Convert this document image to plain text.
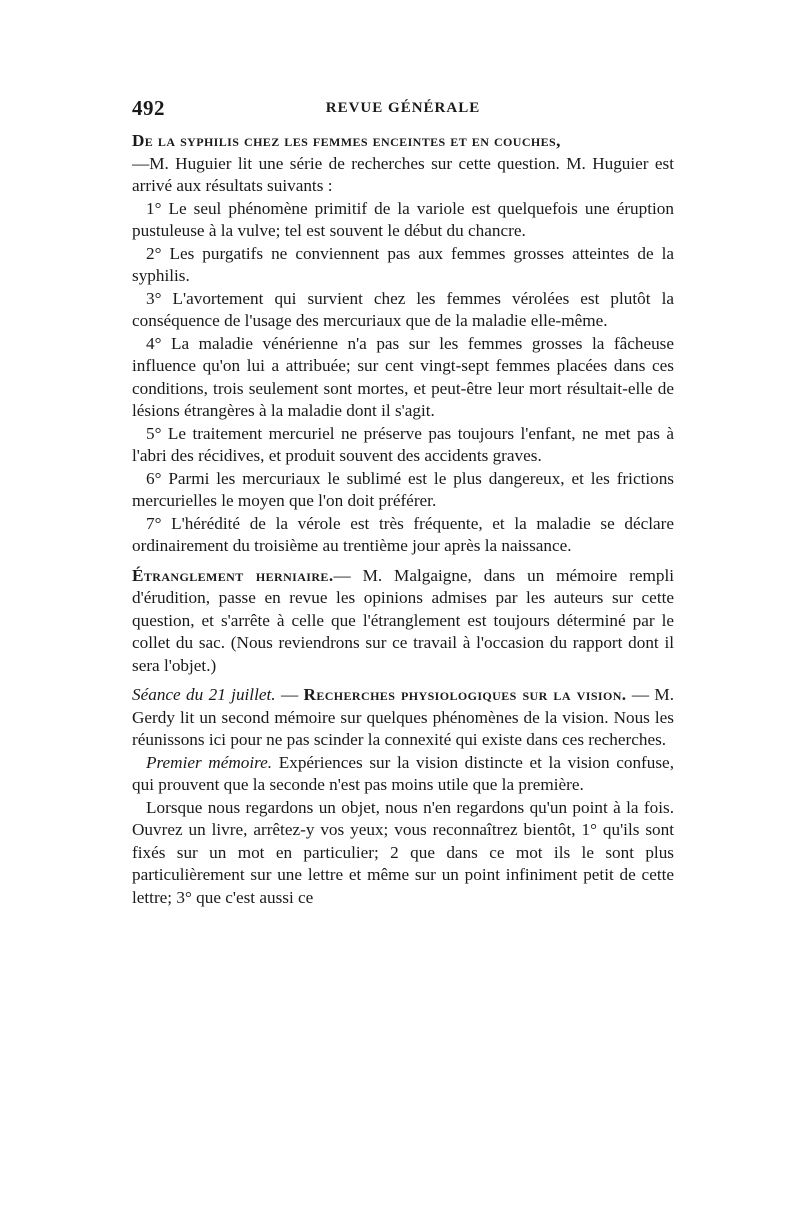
492	REVUE GÉNÉRALE

De la syphilis chez les femmes enceintes et en couches,
—M. Huguier lit une série de recherches sur cette question. M. Huguier est arrivé aux résultats suivants :

1° Le seul phénomène primitif de la variole est quelquefois une éruption pustuleuse à la vulve; tel est souvent le début du chancre.

2° Les purgatifs ne conviennent pas aux femmes grosses atteintes de la syphilis.

3° L'avortement qui survient chez les femmes vérolées est plutôt la conséquence de l'usage des mercuriaux que de la maladie elle-même.

4° La maladie vénérienne n'a pas sur les femmes grosses la fâcheuse influence qu'on lui a attribuée; sur cent vingt-sept femmes placées dans ces conditions, trois seulement sont mortes, et peut-être leur mort résultait-elle de lésions étrangères à la maladie dont il s'agit.

5° Le traitement mercuriel ne préserve pas toujours l'enfant, ne met pas à l'abri des récidives, et produit souvent des accidents graves.

6° Parmi les mercuriaux le sublimé est le plus dangereux, et les frictions mercurielles le moyen que l'on doit préférer.

7° L'hérédité de la vérole est très fréquente, et la maladie se déclare ordinairement du troisième au trentième jour après la naissance.

Étranglement herniaire.— M. Malgaigne, dans un mémoire rempli d'érudition, passe en revue les opinions admises par les auteurs sur cette question, et s'arrête à celle que l'étranglement est toujours déterminé par le collet du sac. (Nous reviendrons sur ce travail à l'occasion du rapport dont il sera l'objet.)

Séance du 21 juillet. — Recherches physiologiques sur la vision. — M. Gerdy lit un second mémoire sur quelques phénomènes de la vision. Nous les réunissons ici pour ne pas scinder la connexité qui existe dans ces recherches.

Premier mémoire. Expériences sur la vision distincte et la vision confuse, qui prouvent que la seconde n'est pas moins utile que la première.

Lorsque nous regardons un objet, nous n'en regardons qu'un point à la fois. Ouvrez un livre, arrêtez-y vos yeux; vous reconnaîtrez bientôt, 1° qu'ils sont fixés sur un mot en particulier; 2 que dans ce mot ils le sont plus particulièrement sur une lettre et même sur un point infiniment petit de cette lettre; 3° que c'est aussi ce
